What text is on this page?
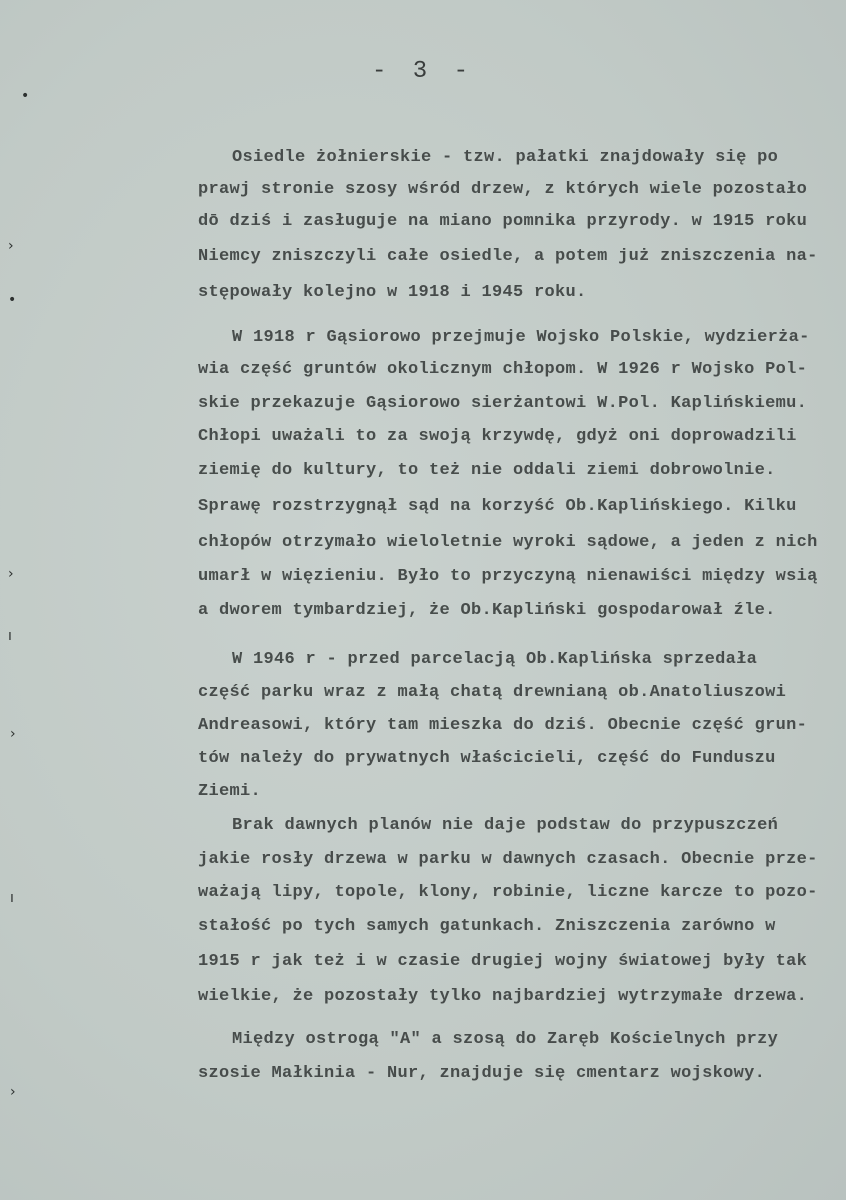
- 3 -
•
›
•
›
ı
›
ı
›
Osiedle żołnierskie - tzw. pałatki znajdowały się po
prawj stronie szosy wśród drzew, z których wiele pozostało
dō dziś i zasługuje na miano pomnika przyrody. w 1915 roku
Niemcy zniszczyli całe osiedle, a potem już zniszczenia na-
stępowały kolejno w 1918 i 1945 roku.
W 1918 r Gąsiorowo przejmuje Wojsko Polskie, wydzierża-
wia część gruntów okolicznym chłopom. W 1926 r Wojsko Pol-
skie przekazuje Gąsiorowo sierżantowi W.Pol. Kaplińskiemu.
Chłopi uważali to za swoją krzywdę, gdyż oni doprowadzili
ziemię do kultury, to też nie oddali ziemi dobrowolnie.
Sprawę rozstrzygnął sąd na korzyść Ob.Kaplińskiego. Kilku
chłopów otrzymało wieloletnie wyroki sądowe, a jeden z nich
umarł w więzieniu. Było to przyczyną nienawiści między wsią
a dworem tymbardziej, że Ob.Kapliński gospodarował źle.
W 1946 r - przed parcelacją Ob.Kaplińska sprzedała
część parku wraz z małą chatą drewnianą ob.Anatoliuszowi
Andreasowi, który tam mieszka do dziś. Obecnie część grun-
tów należy do prywatnych właścicieli, część do Funduszu
Ziemi.
Brak dawnych planów nie daje podstaw do przypuszczeń
jakie rosły drzewa w parku w dawnych czasach. Obecnie prze-
ważają lipy, topole, klony, robinie, liczne karcze to pozo-
stałość po tych samych gatunkach. Zniszczenia zarówno w
1915 r jak też i w czasie drugiej wojny światowej były tak
wielkie, że pozostały tylko najbardziej wytrzymałe drzewa.
Między ostrogą "A" a szosą do Zaręb Kościelnych przy
szosie Małkinia - Nur, znajduje się cmentarz wojskowy.
